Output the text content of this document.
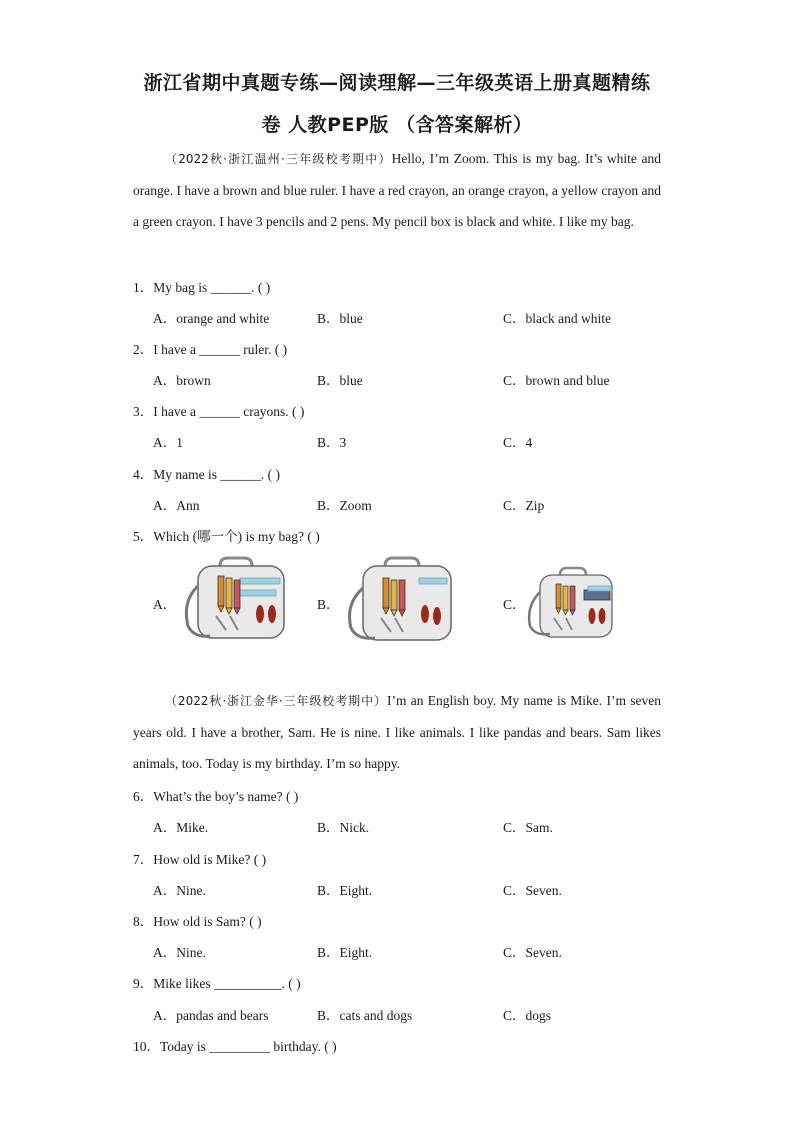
浙江省期中真题专练—阅读理解—三年级英语上册真题精练
卷 人教PEP版 （含答案解析）
（2022秋·浙江温州·三年级校考期中）Hello, I’m Zoom. This is my bag. It’s white and orange. I have a brown and blue ruler. I have a red crayon, an orange crayon, a yellow crayon and a green crayon. I have 3 pencils and 2 pens. My pencil box is black and white. I like my bag.
1．My bag is ______. ( )
A．orange and white	B．blue	C．black and white
2．I have a ______ ruler. ( )
A．brown	B．blue	C．brown and blue
3．I have a ______ crayons. ( )
A．1	B．3	C．4
4．My name is ______. ( )
A．Ann	B．Zoom	C．Zip
5．Which (哪一个) is my bag? ( )
A．	B．	C．
（2022秋·浙江金华·三年级校考期中）I’m an English boy. My name is Mike. I’m seven years old. I have a brother, Sam. He is nine. I like animals. I like pandas and bears. Sam likes animals, too. Today is my birthday. I’m so happy.
6．What’s the boy’s name? ( )
A．Mike.	B．Nick.	C．Sam.
7．How old is Mike? ( )
A．Nine.	B．Eight.	C．Seven.
8．How old is Sam? ( )
A．Nine.	B．Eight.	C．Seven.
9．Mike likes __________. ( )
A．pandas and bears	B．cats and dogs	C．dogs
10．Today is _________ birthday. ( )
